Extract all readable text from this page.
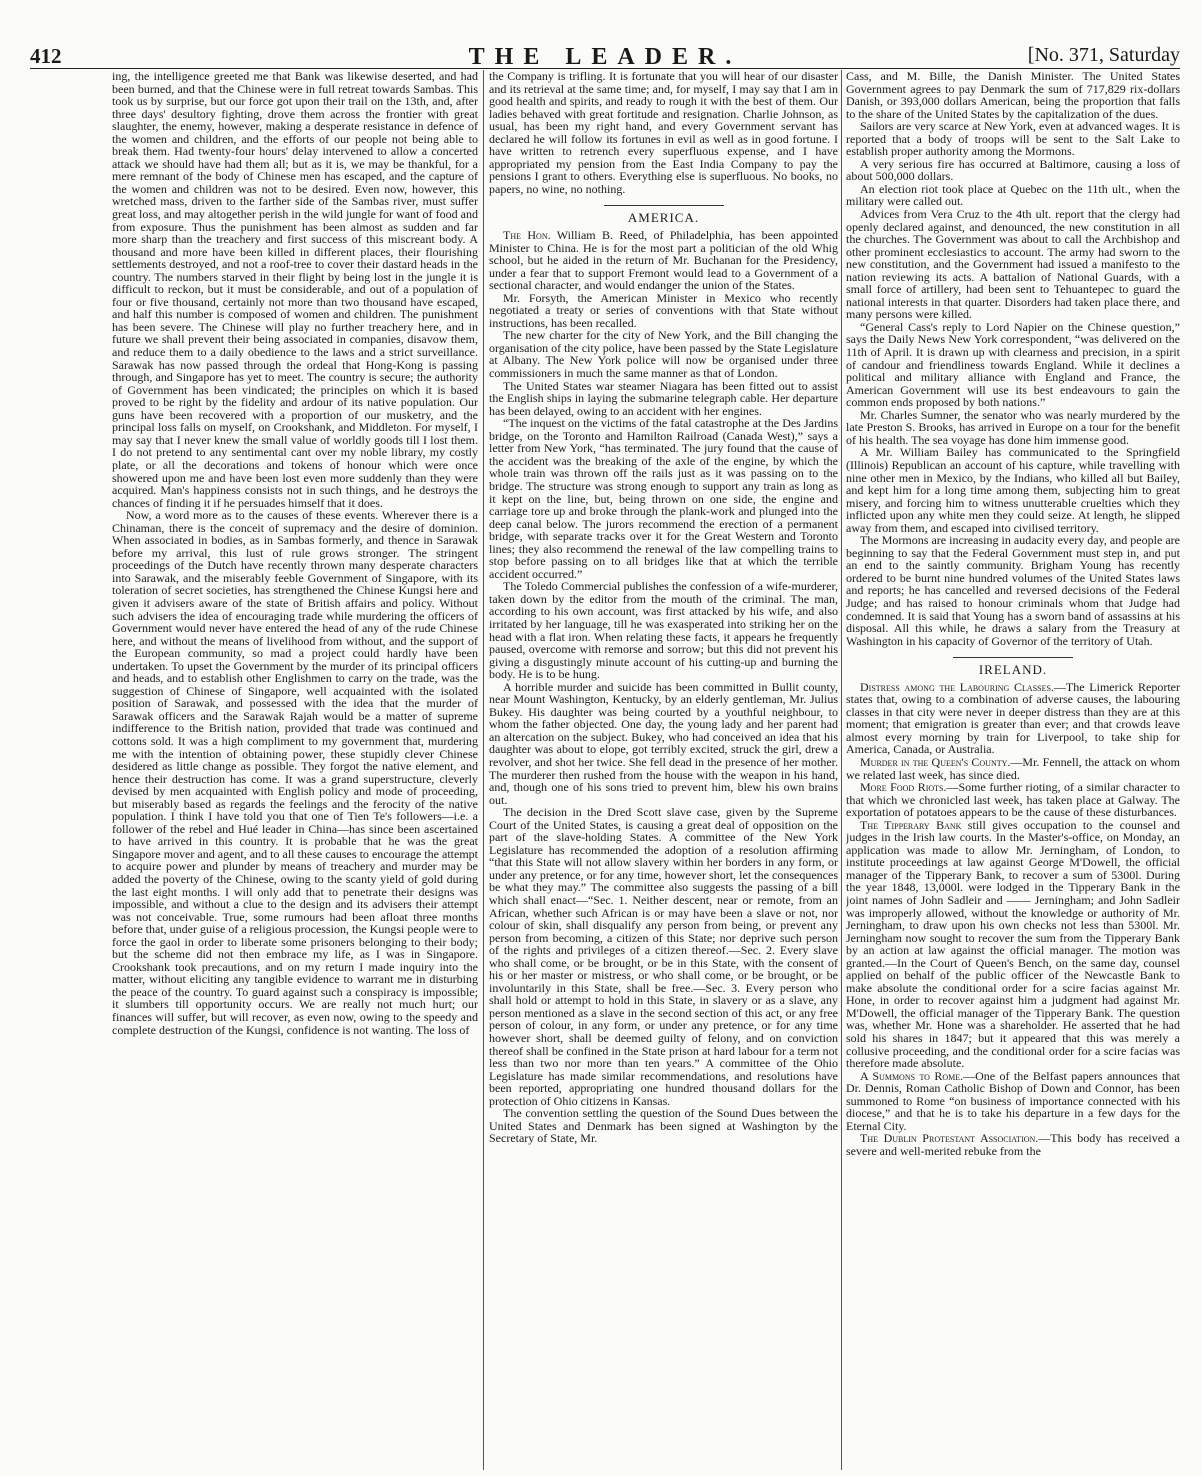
412	THE LEADER.	[No. 371, Saturday

ing, the intelligence greeted me that Bank was likewise deserted, and had been burned, and that the Chinese were in full retreat towards Sambas. This took us by surprise, but our force got upon their trail on the 13th, and, after three days' desultory fighting, drove them across the frontier with great slaughter, the enemy, however, making a desperate resistance in defence of the women and children, and the efforts of our people not being able to break them. Had twenty-four hours' delay intervened to allow a concerted attack we should have had them all; but as it is, we may be thankful, for a mere remnant of the body of Chinese men has escaped, and the capture of the women and children was not to be desired. Even now, however, this wretched mass, driven to the farther side of the Sambas river, must suffer great loss, and may altogether perish in the wild jungle for want of food and from exposure. Thus the punishment has been almost as sudden and far more sharp than the treachery and first success of this miscreant body. A thousand and more have been killed in different places, their flourishing settlements destroyed, and not a roof-tree to cover their dastard heads in the country. The numbers starved in their flight by being lost in the jungle it is difficult to reckon, but it must be considerable, and out of a population of four or five thousand, certainly not more than two thousand have escaped, and half this number is composed of women and children. The punishment has been severe. The Chinese will play no further treachery here, and in future we shall prevent their being associated in companies, disavow them, and reduce them to a daily obedience to the laws and a strict surveillance. Sarawak has now passed through the ordeal that Hong-Kong is passing through, and Singapore has yet to meet. The country is secure; the authority of Government has been vindicated; the principles on which it is based proved to be right by the fidelity and ardour of its native population. Our guns have been recovered with a proportion of our musketry, and the principal loss falls on myself, on Crookshank, and Middleton. For myself, I may say that I never knew the small value of worldly goods till I lost them. I do not pretend to any sentimental cant over my noble library, my costly plate, or all the decorations and tokens of honour which were once showered upon me and have been lost even more suddenly than they were acquired. Man's happiness consists not in such things, and he destroys the chances of finding it if he persuades himself that it does.

Now, a word more as to the causes of these events. Wherever there is a Chinaman, there is the conceit of supremacy and the desire of dominion. When associated in bodies, as in Sambas formerly, and thence in Sarawak before my arrival, this lust of rule grows stronger. The stringent proceedings of the Dutch have recently thrown many desperate characters into Sarawak, and the miserably feeble Government of Singapore, with its toleration of secret societies, has strengthened the Chinese Kungsi here and given it advisers aware of the state of British affairs and policy. Without such advisers the idea of encouraging trade while murdering the officers of Government would never have entered the head of any of the rude Chinese here, and without the means of livelihood from without, and the support of the European community, so mad a project could hardly have been undertaken. To upset the Government by the murder of its principal officers and heads, and to establish other Englishmen to carry on the trade, was the suggestion of Chinese of Singapore, well acquainted with the isolated position of Sarawak, and possessed with the idea that the murder of Sarawak officers and the Sarawak Rajah would be a matter of supreme indifference to the British nation, provided that trade was continued and cottons sold. It was a high compliment to my government that, murdering me with the intention of obtaining power, these stupidly clever Chinese desidered as little change as possible. They forgot the native element, and hence their destruction has come. It was a grand superstructure, cleverly devised by men acquainted with English policy and mode of proceeding, but miserably based as regards the feelings and the ferocity of the native population. I think I have told you that one of Tien Te's followers—i.e. a follower of the rebel and Hué leader in China—has since been ascertained to have arrived in this country. It is probable that he was the great Singapore mover and agent, and to all these causes to encourage the attempt to acquire power and plunder by means of treachery and murder may be added the poverty of the Chinese, owing to the scanty yield of gold during the last eight months. I will only add that to penetrate their designs was impossible, and without a clue to the design and its advisers their attempt was not conceivable. True, some rumours had been afloat three months before that, under guise of a religious procession, the Kungsi people were to force the gaol in order to liberate some prisoners belonging to their body; but the scheme did not then embrace my life, as I was in Singapore. Crookshank took precautions, and on my return I made inquiry into the matter, without eliciting any tangible evidence to warrant me in disturbing the peace of the country. To guard against such a conspiracy is impossible; it slumbers till opportunity occurs. We are really not much hurt; our finances will suffer, but will recover, as even now, owing to the speedy and complete destruction of the Kungsi, confidence is not wanting. The loss of

the Company is trifling. It is fortunate that you will hear of our disaster and its retrieval at the same time; and, for myself, I may say that I am in good health and spirits, and ready to rough it with the best of them. Our ladies behaved with great fortitude and resignation. Charlie Johnson, as usual, has been my right hand, and every Government servant has declared he will follow its fortunes in evil as well as in good fortune. I have written to retrench every superfluous expense, and I have appropriated my pension from the East India Company to pay the pensions I grant to others. Everything else is superfluous. No books, no papers, no wine, no nothing.

AMERICA.

The Hon. William B. Reed, of Philadelphia, has been appointed Minister to China. He is for the most part a politician of the old Whig school, but he aided in the return of Mr. Buchanan for the Presidency, under a fear that to support Fremont would lead to a Government of a sectional character, and would endanger the union of the States.

Mr. Forsyth, the American Minister in Mexico who recently negotiated a treaty or series of conventions with that State without instructions, has been recalled.

The new charter for the city of New York, and the Bill changing the organisation of the city police, have been passed by the State Legislature at Albany. The New York police will now be organised under three commissioners in much the same manner as that of London.

The United States war steamer Niagara has been fitted out to assist the English ships in laying the submarine telegraph cable. Her departure has been delayed, owing to an accident with her engines.

“The inquest on the victims of the fatal catastrophe at the Des Jardins bridge, on the Toronto and Hamilton Railroad (Canada West),” says a letter from New York, “has terminated. The jury found that the cause of the accident was the breaking of the axle of the engine, by which the whole train was thrown off the rails just as it was passing on to the bridge. The structure was strong enough to support any train as long as it kept on the line, but, being thrown on one side, the engine and carriage tore up and broke through the plank-work and plunged into the deep canal below. The jurors recommend the erection of a permanent bridge, with separate tracks over it for the Great Western and Toronto lines; they also recommend the renewal of the law compelling trains to stop before passing on to all bridges like that at which the terrible accident occurred.”

The Toledo Commercial publishes the confession of a wife-murderer, taken down by the editor from the mouth of the criminal. The man, according to his own account, was first attacked by his wife, and also irritated by her language, till he was exasperated into striking her on the head with a flat iron. When relating these facts, it appears he frequently paused, overcome with remorse and sorrow; but this did not prevent his giving a disgustingly minute account of his cutting-up and burning the body. He is to be hung.

A horrible murder and suicide has been committed in Bullit county, near Mount Washington, Kentucky, by an elderly gentleman, Mr. Julius Bukey. His daughter was being courted by a youthful neighbour, to whom the father objected. One day, the young lady and her parent had an altercation on the subject. Bukey, who had conceived an idea that his daughter was about to elope, got terribly excited, struck the girl, drew a revolver, and shot her twice. She fell dead in the presence of her mother. The murderer then rushed from the house with the weapon in his hand, and, though one of his sons tried to prevent him, blew his own brains out.

The decision in the Dred Scott slave case, given by the Supreme Court of the United States, is causing a great deal of opposition on the part of the slave-holding States. A committee of the New York Legislature has recommended the adoption of a resolution affirming “that this State will not allow slavery within her borders in any form, or under any pretence, or for any time, however short, let the consequences be what they may.” The committee also suggests the passing of a bill which shall enact—“Sec. 1. Neither descent, near or remote, from an African, whether such African is or may have been a slave or not, nor colour of skin, shall disqualify any person from being, or prevent any person from becoming, a citizen of this State; nor deprive such person of the rights and privileges of a citizen thereof.—Sec. 2. Every slave who shall come, or be brought, or be in this State, with the consent of his or her master or mistress, or who shall come, or be brought, or be involuntarily in this State, shall be free.—Sec. 3. Every person who shall hold or attempt to hold in this State, in slavery or as a slave, any person mentioned as a slave in the second section of this act, or any free person of colour, in any form, or under any pretence, or for any time however short, shall be deemed guilty of felony, and on conviction thereof shall be confined in the State prison at hard labour for a term not less than two nor more than ten years.” A committee of the Ohio Legislature has made similar recommendations, and resolutions have been reported, appropriating one hundred thousand dollars for the protection of Ohio citizens in Kansas.

The convention settling the question of the Sound Dues between the United States and Denmark has been signed at Washington by the Secretary of State, Mr.

Cass, and M. Bille, the Danish Minister. The United States Government agrees to pay Denmark the sum of 717,829 rix-dollars Danish, or 393,000 dollars American, being the proportion that falls to the share of the United States by the capitalization of the dues.

Sailors are very scarce at New York, even at advanced wages. It is reported that a body of troops will be sent to the Salt Lake to establish proper authority among the Mormons.

A very serious fire has occurred at Baltimore, causing a loss of about 500,000 dollars.

An election riot took place at Quebec on the 11th ult., when the military were called out.

Advices from Vera Cruz to the 4th ult. report that the clergy had openly declared against, and denounced, the new constitution in all the churches. The Government was about to call the Archbishop and other prominent ecclesiastics to account. The army had sworn to the new constitution, and the Government had issued a manifesto to the nation reviewing its acts. A battalion of National Guards, with a small force of artillery, had been sent to Tehuantepec to guard the national interests in that quarter. Disorders had taken place there, and many persons were killed.

“General Cass's reply to Lord Napier on the Chinese question,” says the Daily News New York correspondent, “was delivered on the 11th of April. It is drawn up with clearness and precision, in a spirit of candour and friendliness towards England. While it declines a political and military alliance with England and France, the American Government will use its best endeavours to gain the common ends proposed by both nations.”

Mr. Charles Sumner, the senator who was nearly murdered by the late Preston S. Brooks, has arrived in Europe on a tour for the benefit of his health. The sea voyage has done him immense good.

A Mr. William Bailey has communicated to the Springfield (Illinois) Republican an account of his capture, while travelling with nine other men in Mexico, by the Indians, who killed all but Bailey, and kept him for a long time among them, subjecting him to great misery, and forcing him to witness unutterable cruelties which they inflicted upon any white men they could seize. At length, he slipped away from them, and escaped into civilised territory.

The Mormons are increasing in audacity every day, and people are beginning to say that the Federal Government must step in, and put an end to the saintly community. Brigham Young has recently ordered to be burnt nine hundred volumes of the United States laws and reports; he has cancelled and reversed decisions of the Federal Judge; and has raised to honour criminals whom that Judge had condemned. It is said that Young has a sworn band of assassins at his disposal. All this while, he draws a salary from the Treasury at Washington in his capacity of Governor of the territory of Utah.

IRELAND.

Distress among the Labouring Classes.—The Limerick Reporter states that, owing to a combination of adverse causes, the labouring classes in that city were never in deeper distress than they are at this moment; that emigration is greater than ever; and that crowds leave almost every morning by train for Liverpool, to take ship for America, Canada, or Australia.

Murder in the Queen's County.—Mr. Fennell, the attack on whom we related last week, has since died.

More Food Riots.—Some further rioting, of a similar character to that which we chronicled last week, has taken place at Galway. The exportation of potatoes appears to be the cause of these disturbances.

The Tipperary Bank still gives occupation to the counsel and judges in the Irish law courts. In the Master's-office, on Monday, an application was made to allow Mr. Jerningham, of London, to institute proceedings at law against George M'Dowell, the official manager of the Tipperary Bank, to recover a sum of 5300l. During the year 1848, 13,000l. were lodged in the Tipperary Bank in the joint names of John Sadleir and —— Jerningham; and John Sadleir was improperly allowed, without the knowledge or authority of Mr. Jerningham, to draw upon his own checks not less than 5300l. Mr. Jerningham now sought to recover the sum from the Tipperary Bank by an action at law against the official manager. The motion was granted.—In the Court of Queen's Bench, on the same day, counsel applied on behalf of the public officer of the Newcastle Bank to make absolute the conditional order for a scire facias against Mr. Hone, in order to recover against him a judgment had against Mr. M'Dowell, the official manager of the Tipperary Bank. The question was, whether Mr. Hone was a shareholder. He asserted that he had sold his shares in 1847; but it appeared that this was merely a collusive proceeding, and the conditional order for a scire facias was therefore made absolute.

A Summons to Rome.—One of the Belfast papers announces that Dr. Dennis, Roman Catholic Bishop of Down and Connor, has been summoned to Rome “on business of importance connected with his diocese,” and that he is to take his departure in a few days for the Eternal City.

The Dublin Protestant Association.—This body has received a severe and well-merited rebuke from the
